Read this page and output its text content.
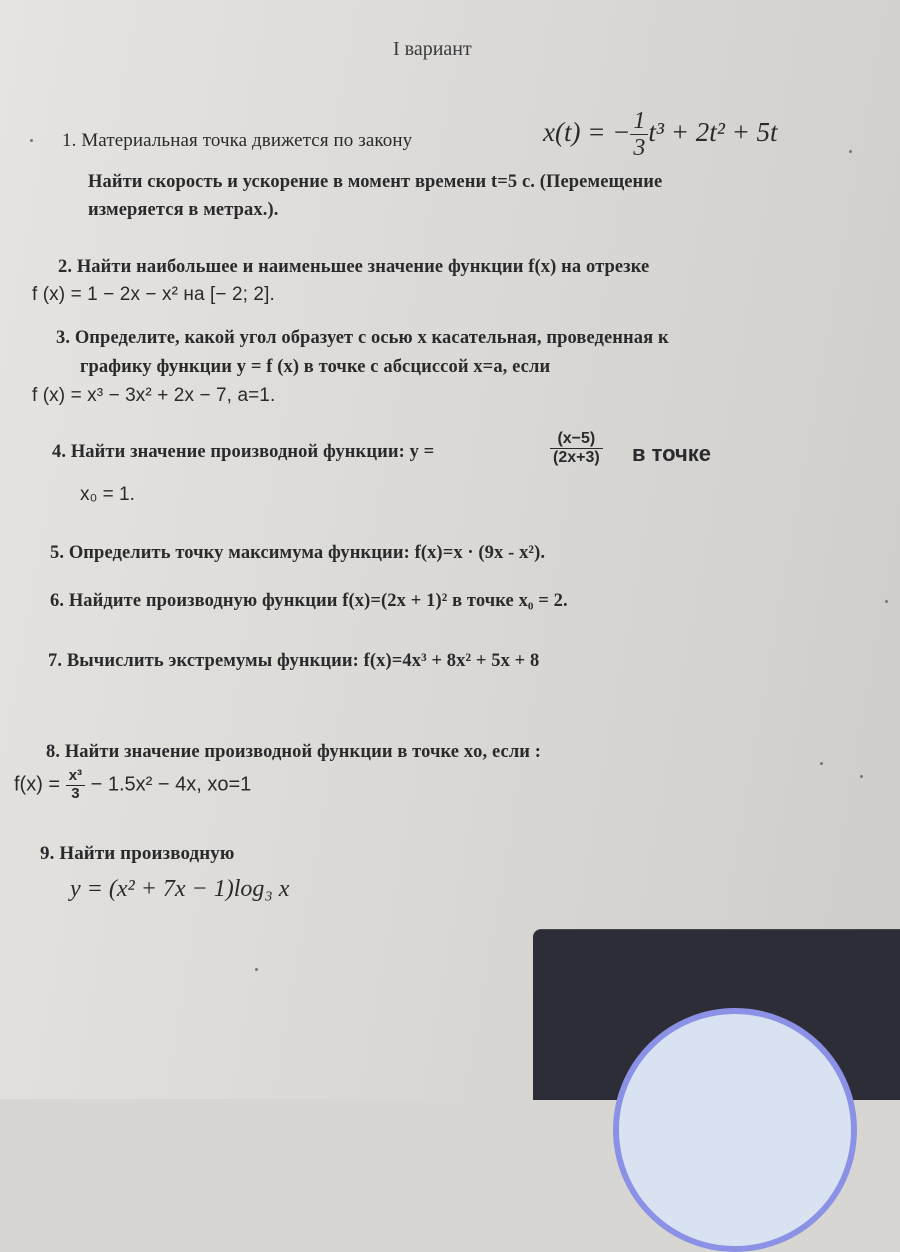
I вариант
1. Материальная точка движется по закону	x(t) = − $\frac{1}{3} t^3 + 2t^2 + 5t$
Найти скорость и ускорение в момент времени t=5 с. (Перемещение
измеряется в метрах.).
2. Найти наибольшее и наименьшее значение функции f(x) на отрезке
f (x) = 1 − 2x − x² на [− 2; 2].
3. Определите, какой угол образует с осью x касательная, проведенная к
графику функции y = f (x) в точке с абсциссой x=a, если
f (x) = x³ − 3x² + 2x − 7, a=1.
4. Найти значение производной функции: y =	$\frac{(x-5)}{(2x+3)}$ в точке
x₀ = 1.
5. Определить точку максимума функции: f(x)=x · (9x - x²).
6. Найдите производную функции f(x)=(2x + 1)² в точке x₀ = 2.
7. Вычислить экстремумы функции: f(x)=4x³ + 8x² + 5x + 8
8. Найти значение производной функции в точке xo, если :
$f(x) = \frac{\text{x³}}{3} - 1.5x^2 - 4x$, xo=1
9. Найти производную
y = (x² + 7x − 1)log₃ x
